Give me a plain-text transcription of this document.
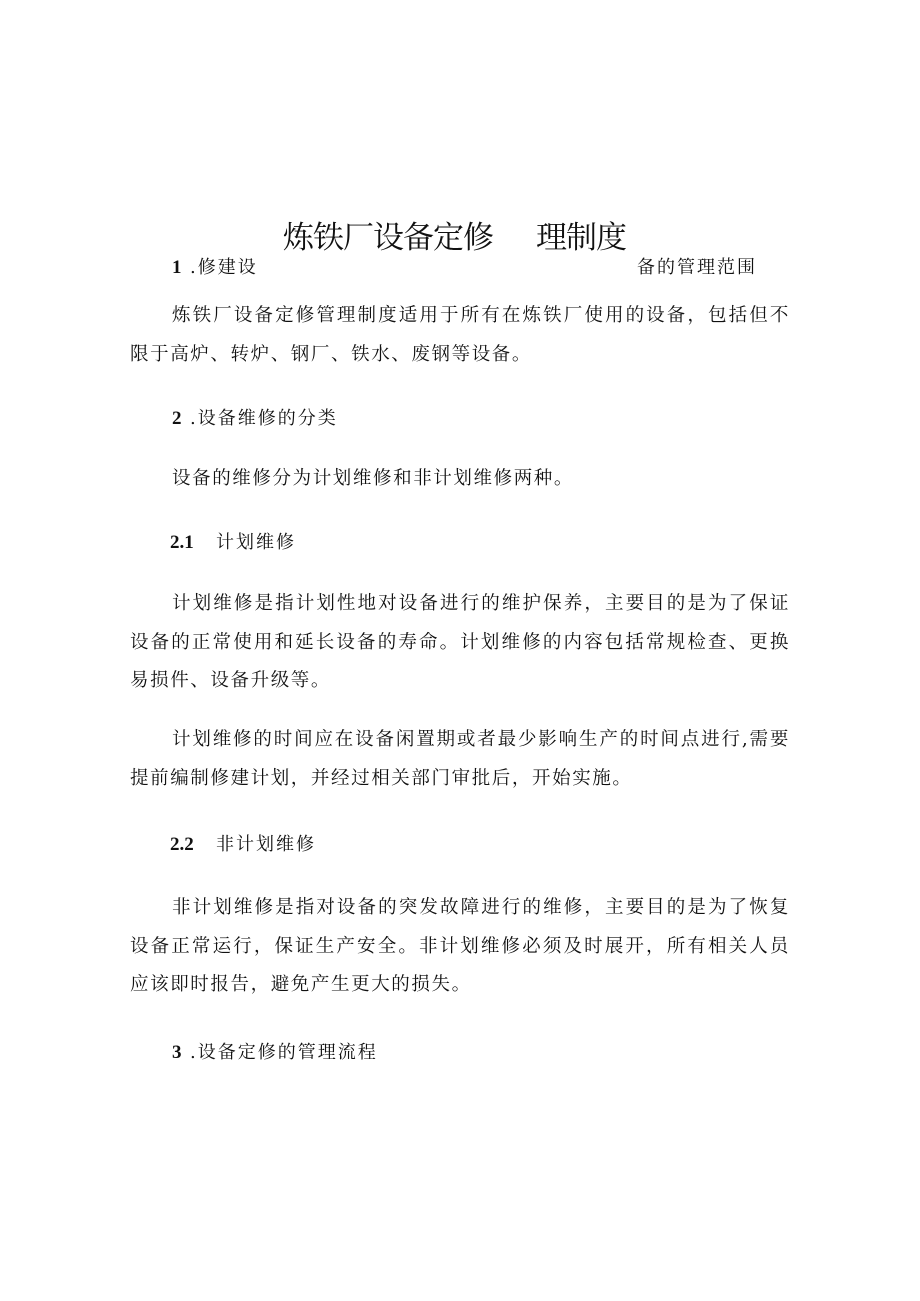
炼铁厂设备定修 理制度
1 .修建设	备的管理范围

炼铁厂设备定修管理制度适用于所有在炼铁厂使用的设备，包括但不限于高炉、转炉、钢厂、铁水、废钢等设备。

2 .设备维修的分类

设备的维修分为计划维修和非计划维修两种。

2.1 计划维修

计划维修是指计划性地对设备进行的维护保养，主要目的是为了保证设备的正常使用和延长设备的寿命。计划维修的内容包括常规检查、更换易损件、设备升级等。

计划维修的时间应在设备闲置期或者最少影响生产的时间点进行,需要提前编制修建计划，并经过相关部门审批后，开始实施。

2.2 非计划维修

非计划维修是指对设备的突发故障进行的维修，主要目的是为了恢复设备正常运行，保证生产安全。非计划维修必须及时展开，所有相关人员应该即时报告，避免产生更大的损失。

3 .设备定修的管理流程
